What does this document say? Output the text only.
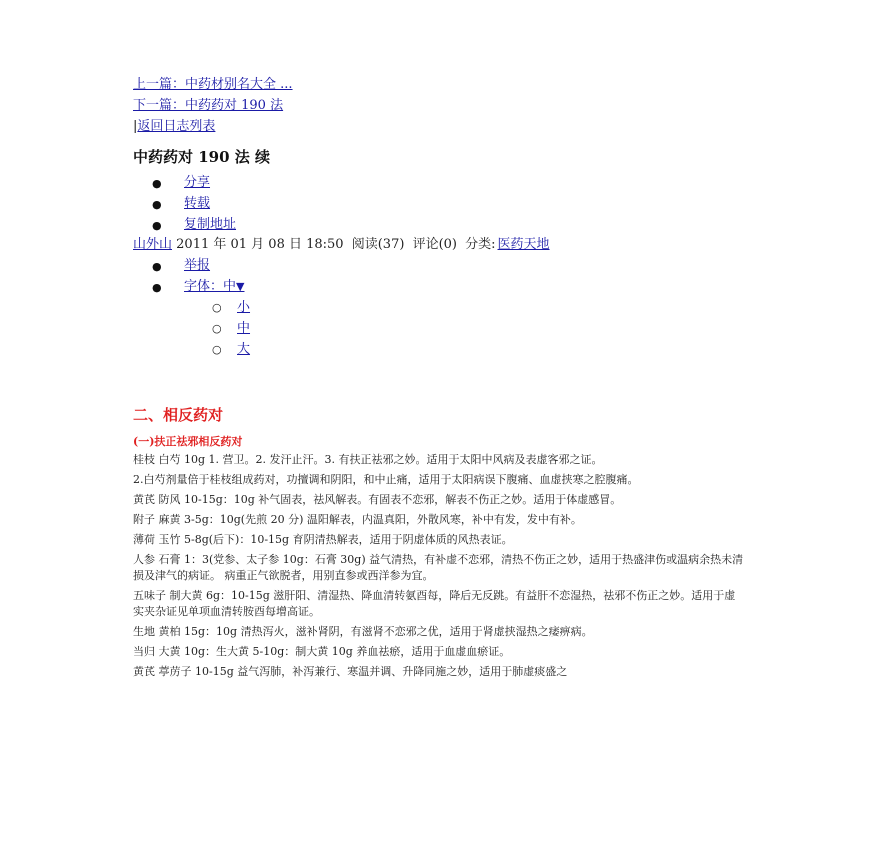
上一篇：中药材别名大全 ...
下一篇：中药药对 190 法
|返回日志列表
中药药对 190 法 续
● 分享
● 转载
● 复制地址
山外山 2011 年 01 月 08 日 18:50 阅读(37) 评论(0) 分类: 医药天地
● 举报
● 字体：中▼
○ 小
○ 中
○ 大
二、相反药对
(一)扶正祛邪相反药对

桂枝 白芍 10g 1. 营卫。2. 发汗止汗。3. 有扶正祛邪之妙。适用于太阳中风病及表虚客邪之证。

2.白芍剂量倍于桂枝组成药对，功擅调和阴阳，和中止痛，适用于太阳病误下腹痛、血虚挟寒之腔腹痛。

黄芪 防风 10-15g：10g 补气固表，祛风解表。有固表不恋邪，解表不伤正之妙。适用于体虚感冒。

附子 麻黄 3-5g：10g(先煎 20 分) 温阳解表，内温真阳，外散风寒，补中有发，发中有补。

薄荷 玉竹 5-8g(后下)：10-15g 育阴清热解表，适用于阴虚体质的风热表证。

人参 石膏 1：3(党参、太子参 10g：石膏 30g) 益气清热，有补虚不恋邪，清热不伤正之妙，适用于热盛津伤或温病余热未清损及津气的病证。 病重正气欲脱者，用别直参或西洋参为宜。

五味子 制大黄 6g：10-15g 滋肝阳、清湿热、降血清转氨酉每，降后无反跳。有益肝不恋湿热，祛邪不伤正之妙。适用于虚实夹杂证见单项血清转胺酉每增高证。

生地 黄柏 15g：10g 清热泻火，滋补肾阴，有滋肾不恋邪之优，适用于肾虚挟湿热之痿痹病。

当归 大黄 10g：生大黄 5-10g：制大黄 10g 养血祛瘀，适用于血虚血瘀证。

黄芪 葶苈子 10-15g 益气泻肺，补泻兼行、寒温并调、升降同施之妙，适用于肺虚痰盛之
